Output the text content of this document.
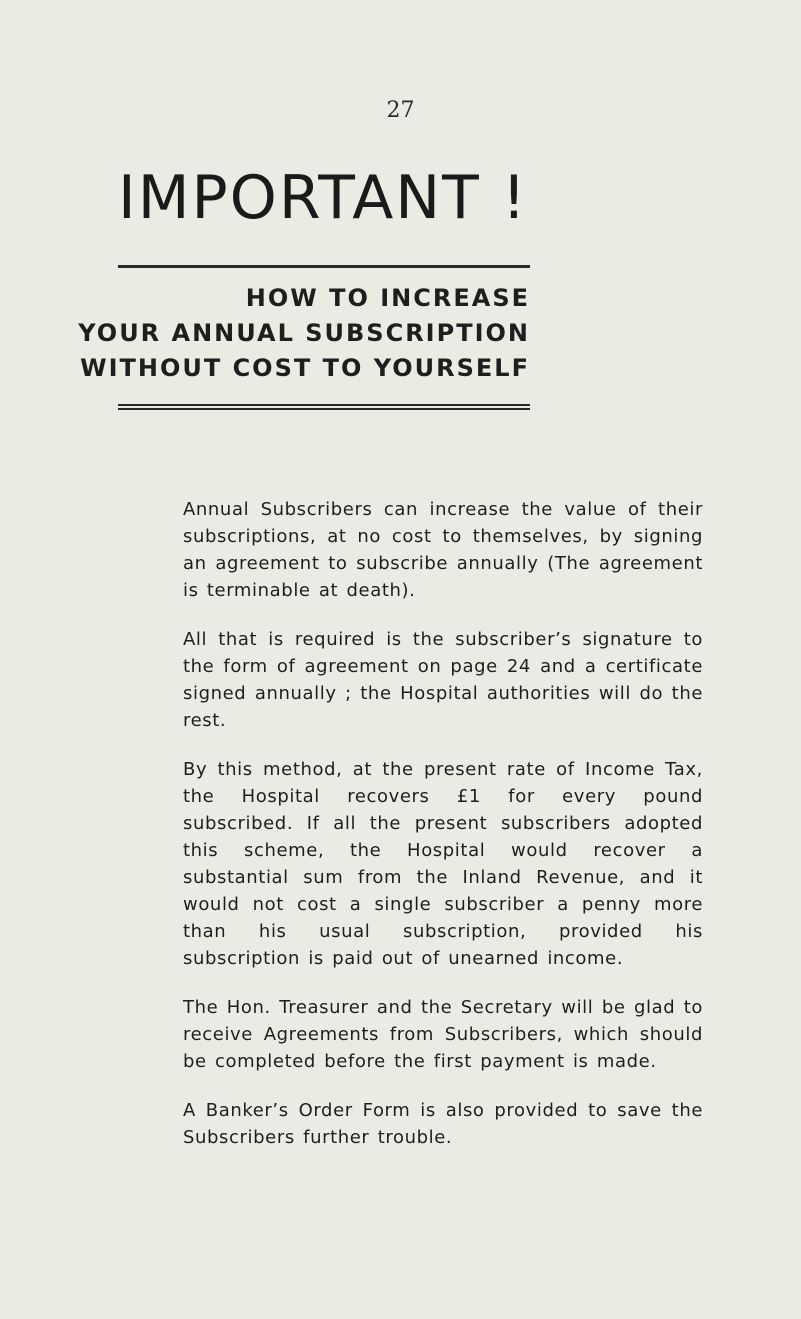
27
IMPORTANT !
HOW TO INCREASE
YOUR ANNUAL SUBSCRIPTION
WITHOUT COST TO YOURSELF

Annual Subscribers can increase the value of their subscriptions, at no cost to themselves, by signing an agreement to subscribe annually (The agreement is terminable at death).

All that is required is the subscriber’s signature to the form of agreement on page 24 and a certificate signed annually ; the Hospital authorities will do the rest.

By this method, at the present rate of Income Tax, the Hospital recovers £1 for every pound subscribed. If all the present subscribers adopted this scheme, the Hospital would recover a substantial sum from the Inland Revenue, and it would not cost a single subscriber a penny more than his usual subscription, provided his subscription is paid out of unearned income.

The Hon. Treasurer and the Secretary will be glad to receive Agreements from Subscribers, which should be completed before the first payment is made.

A Banker’s Order Form is also provided to save the Subscribers further trouble.
